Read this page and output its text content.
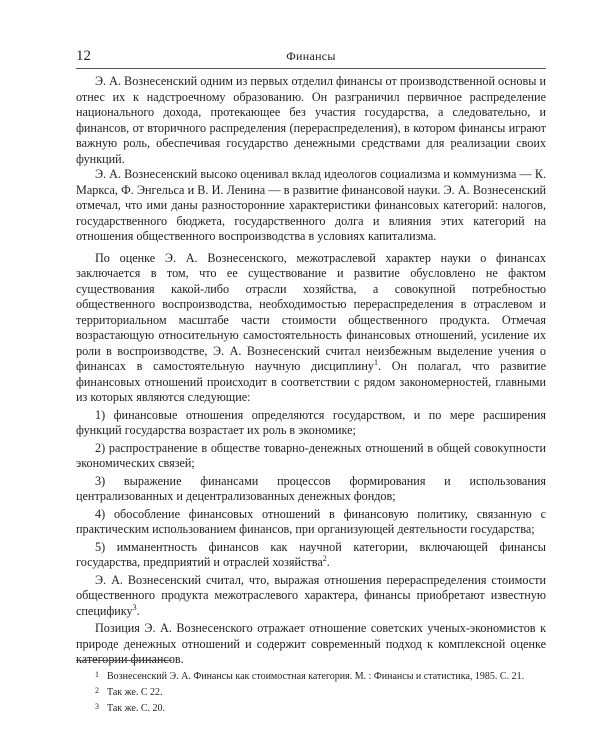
12	Финансы

Э. А. Вознесенский одним из первых отделил финансы от производственной основы и отнес их к надстроечному образованию. Он разграничил первичное распределение национального дохода, протекающее без участия государства, а следовательно, и финансов, от вторичного распределения (перераспределения), в котором финансы играют важную роль, обеспечивая государство денежными средствами для реализации своих функций.

Э. А. Вознесенский высоко оценивал вклад идеологов социализма и коммунизма — К. Маркса, Ф. Энгельса и В. И. Ленина — в развитие финансовой науки. Э. А. Вознесенский отмечал, что ими даны разносторонние характеристики финансовых категорий: налогов, государственного бюджета, государственного долга и влияния этих категорий на отношения общественного воспроизводства в условиях капитализма.

По оценке Э. А. Вознесенского, межотраслевой характер науки о финансах заключается в том, что ее существование и развитие обусловлено не фактом существования какой-либо отрасли хозяйства, а совокупной потребностью общественного воспроизводства, необходимостью перераспределения в отраслевом и территориальном масштабе части стоимости общественного продукта. Отмечая возрастающую относительную самостоятельность финансовых отношений, усиление их роли в воспроизводстве, Э. А. Вознесенский считал неизбежным выделение учения о финансах в самостоятельную научную дисциплину$^1$. Он полагал, что развитие финансовых отношений происходит в соответствии с рядом закономерностей, главными из которых являются следующие:

1) финансовые отношения определяются государством, и по мере расширения функций государства возрастает их роль в экономике;

2) распространение в обществе товарно-денежных отношений в общей совокупности экономических связей;

3) выражение финансами процессов формирования и использования централизованных и децентрализованных денежных фондов;

4) обособление финансовых отношений в финансовую политику, связанную с практическим использованием финансов, при организующей деятельности государства;

5) имманентность финансов как научной категории, включающей финансы государства, предприятий и отраслей хозяйства$^2$.

Э. А. Вознесенский считал, что, выражая отношения перераспределения стоимости общественного продукта межотраслевого характера, финансы приобретают известную специфику$^3$.

Позиция Э. А. Вознесенского отражает отношение советских ученых-экономистов к природе денежных отношений и содержит современный подход к комплексной оценке категории финансов.

1 Вознесенский Э. А. Финансы как стоимостная категория. М. : Финансы и статистика, 1985. С. 21.

2 Так же. С 22.

3 Так же. С. 20.
